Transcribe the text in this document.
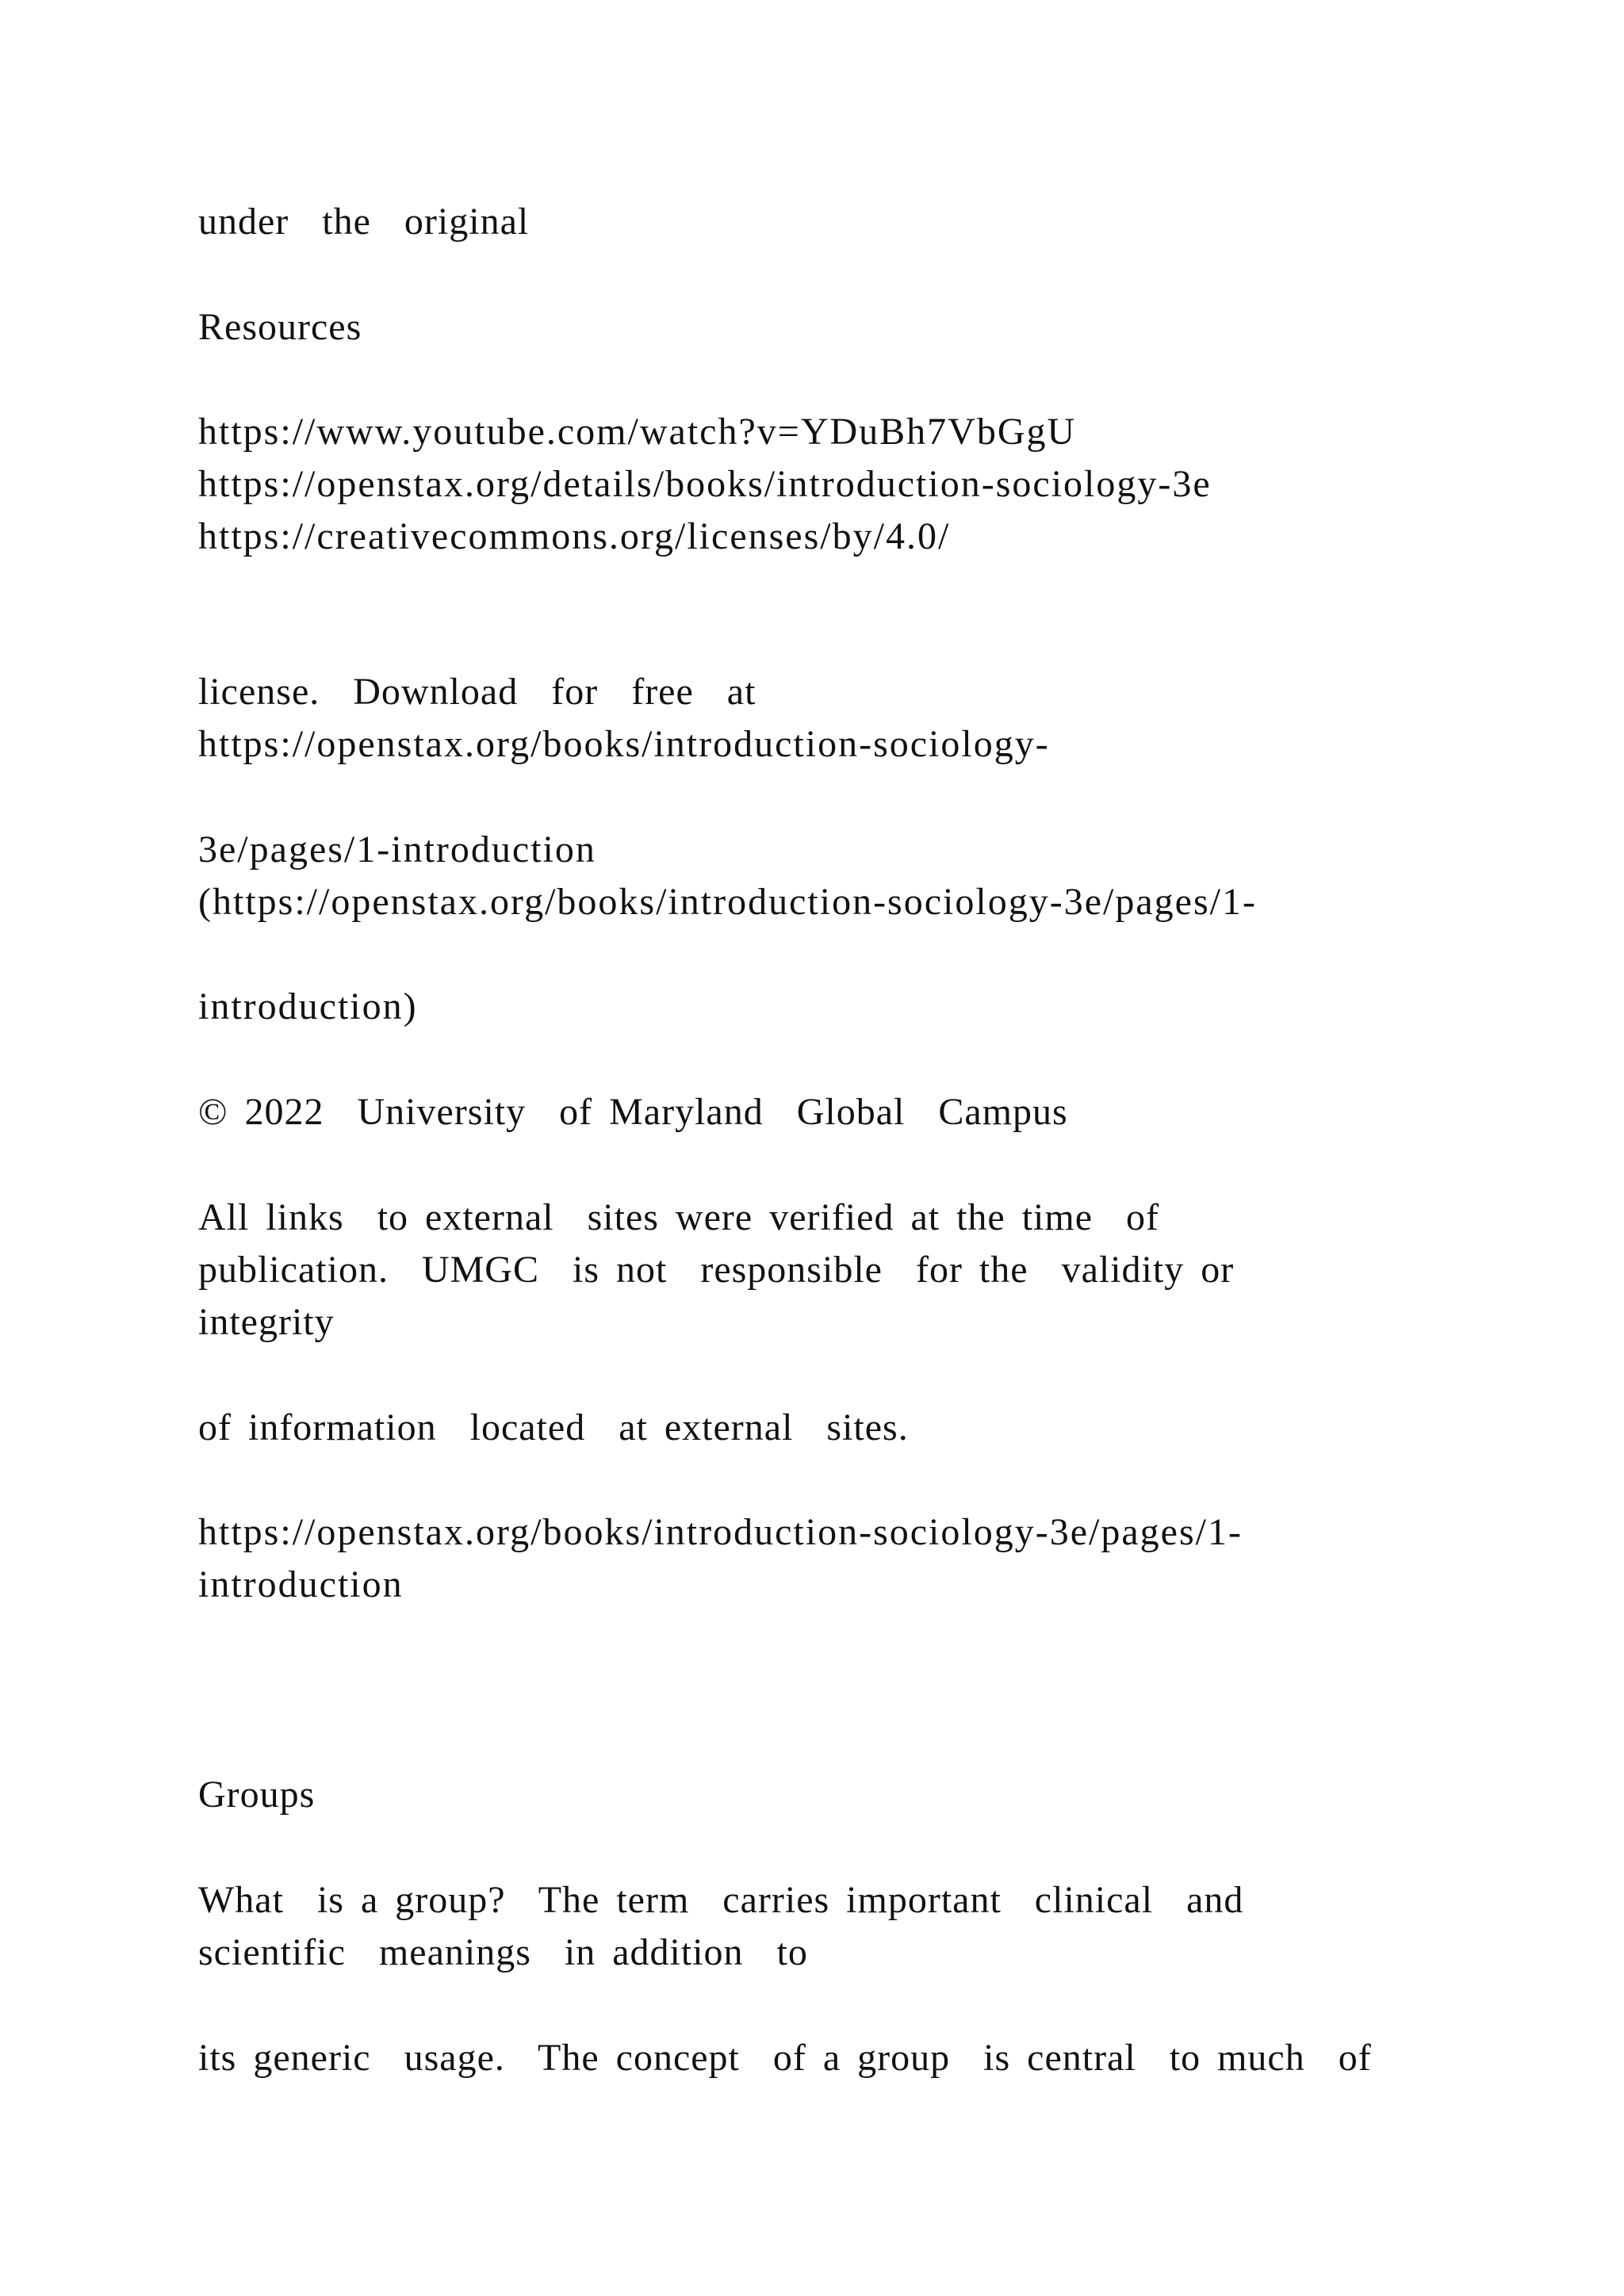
under  the  original

Resources

https://www.youtube.com/watch?v=YDuBh7VbGgU

https://openstax.org/details/books/introduction-sociology-3e

https://creativecommons.org/licenses/by/4.0/

license.  Download  for  free  at

https://openstax.org/books/introduction-sociology-

3e/pages/1-introduction

(https://openstax.org/books/introduction-sociology-3e/pages/1-

introduction)

© 2022  University  of Maryland  Global  Campus

All links  to external  sites were verified at the time  of

publication.  UMGC  is not  responsible  for the  validity or

integrity

of information  located  at external  sites.

https://openstax.org/books/introduction-sociology-3e/pages/1-

introduction

Groups

What  is a group?  The term  carries important  clinical  and

scientific  meanings  in addition  to

its generic  usage.  The concept  of a group  is central  to much  of
